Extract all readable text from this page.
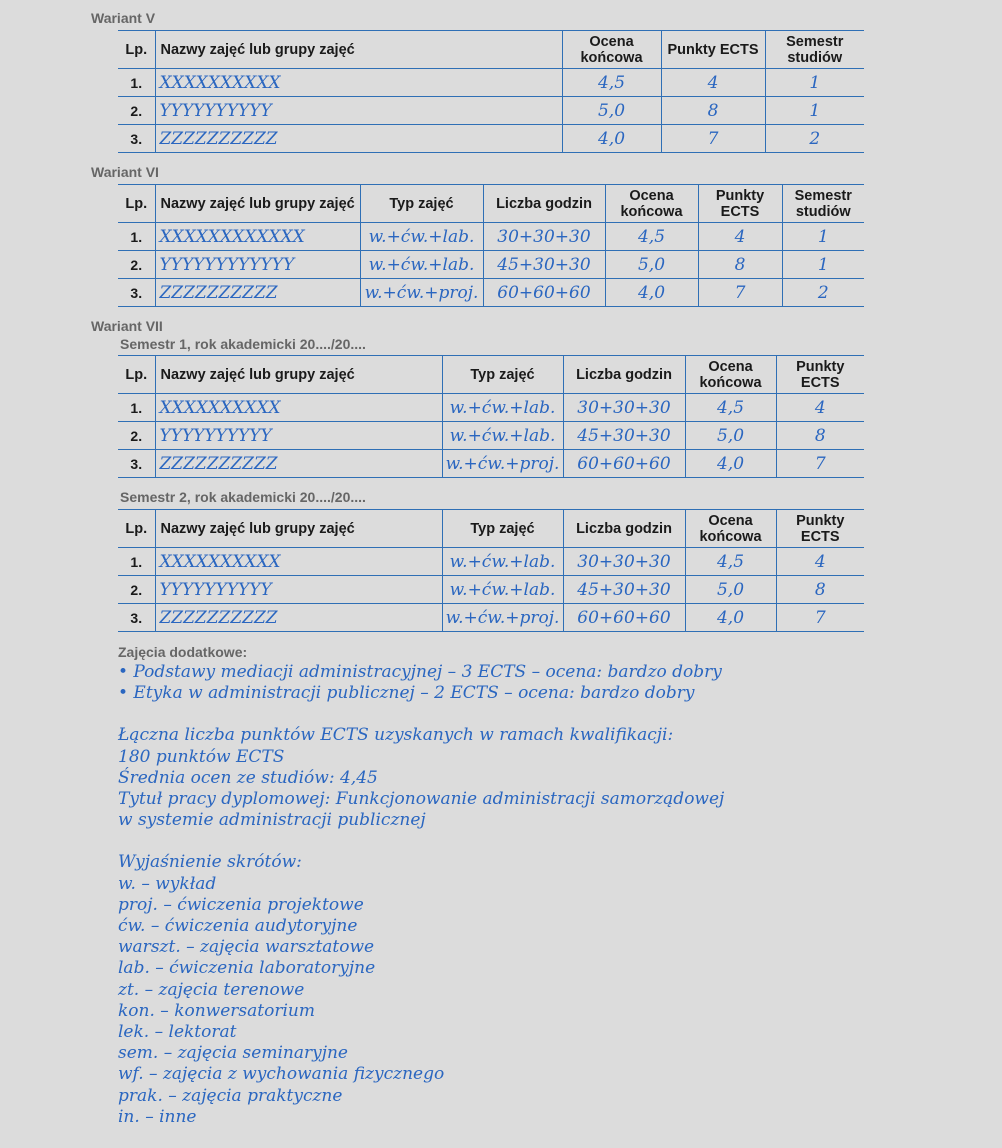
Wariant V
Lp.	Nazwy zajęć lub grupy zajęć	Ocena końcowa	Punkty ECTS	Semestr studiów
1.	XXXXXXXXXX	4,5	4	1
2.	YYYYYYYYYY	5,0	8	1
3.	ZZZZZZZZZZ	4,0	7	2
Wariant VI
Lp.	Nazwy zajęć lub grupy zajęć	Typ zajęć	Liczba godzin	Ocena końcowa	Punkty ECTS	Semestr studiów
1.	XXXXXXXXXXXX	w.+ćw.+lab.	30+30+30	4,5	4	1
2.	YYYYYYYYYYYY	w.+ćw.+lab.	45+30+30	5,0	8	1
3.	ZZZZZZZZZZ	w.+ćw.+proj.	60+60+60	4,0	7	2
Wariant VII
Semestr 1, rok akademicki 20..../20....
Lp.	Nazwy zajęć lub grupy zajęć	Typ zajęć	Liczba godzin	Ocena końcowa	Punkty ECTS
1.	XXXXXXXXXX	w.+ćw.+lab.	30+30+30	4,5	4
2.	YYYYYYYYYY	w.+ćw.+lab.	45+30+30	5,0	8
3.	ZZZZZZZZZZ	w.+ćw.+proj.	60+60+60	4,0	7
Semestr 2, rok akademicki 20..../20....
Lp.	Nazwy zajęć lub grupy zajęć	Typ zajęć	Liczba godzin	Ocena końcowa	Punkty ECTS
1.	XXXXXXXXXX	w.+ćw.+lab.	30+30+30	4,5	4
2.	YYYYYYYYYY	w.+ćw.+lab.	45+30+30	5,0	8
3.	ZZZZZZZZZZ	w.+ćw.+proj.	60+60+60	4,0	7
Zajęcia dodatkowe:
• Podstawy mediacji administracyjnej – 3 ECTS – ocena: bardzo dobry
• Etyka w administracji publicznej – 2 ECTS – ocena: bardzo dobry
Łączna liczba punktów ECTS uzyskanych w ramach kwalifikacji:
180 punktów ECTS
Średnia ocen ze studiów: 4,45
Tytuł pracy dyplomowej: Funkcjonowanie administracji samorządowej
w systemie administracji publicznej
Wyjaśnienie skrótów:
w. – wykład
proj. – ćwiczenia projektowe
ćw. – ćwiczenia audytoryjne
warszt. – zajęcia warsztatowe
lab. – ćwiczenia laboratoryjne
zt. – zajęcia terenowe
kon. – konwersatorium
lek. – lektorat
sem. – zajęcia seminaryjne
wf. – zajęcia z wychowania fizycznego
prak. – zajęcia praktyczne
in. – inne
